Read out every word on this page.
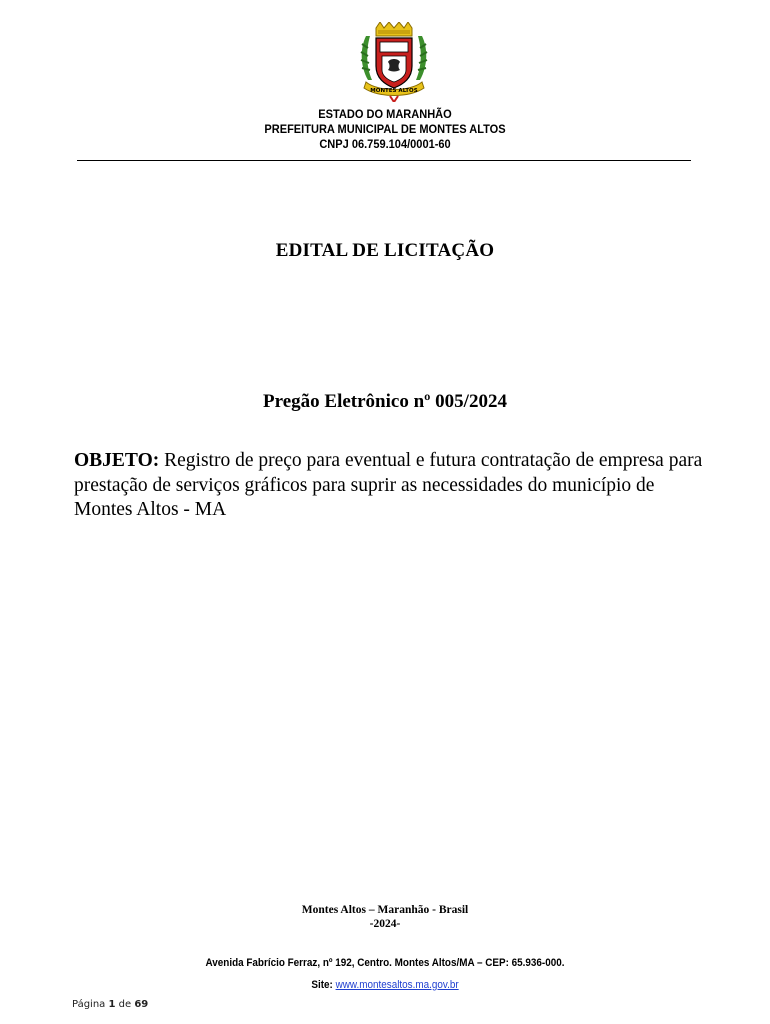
MONTES ALTOS
ESTADO DO MARANHÃO
PREFEITURA MUNICIPAL DE MONTES ALTOS
CNPJ 06.759.104/0001-60
EDITAL DE LICITAÇÃO
Pregão Eletrônico nº 005/2024
OBJETO: Registro de preço para eventual e futura contratação de empresa para prestação de serviços gráficos para suprir as necessidades do município de Montes Altos - MA
Montes Altos – Maranhão - Brasil
-2024-
Avenida Fabrício Ferraz, nº 192, Centro. Montes Altos/MA – CEP: 65.936-000.
Site: www.montesaltos.ma.gov.br
Página 1 de 69
